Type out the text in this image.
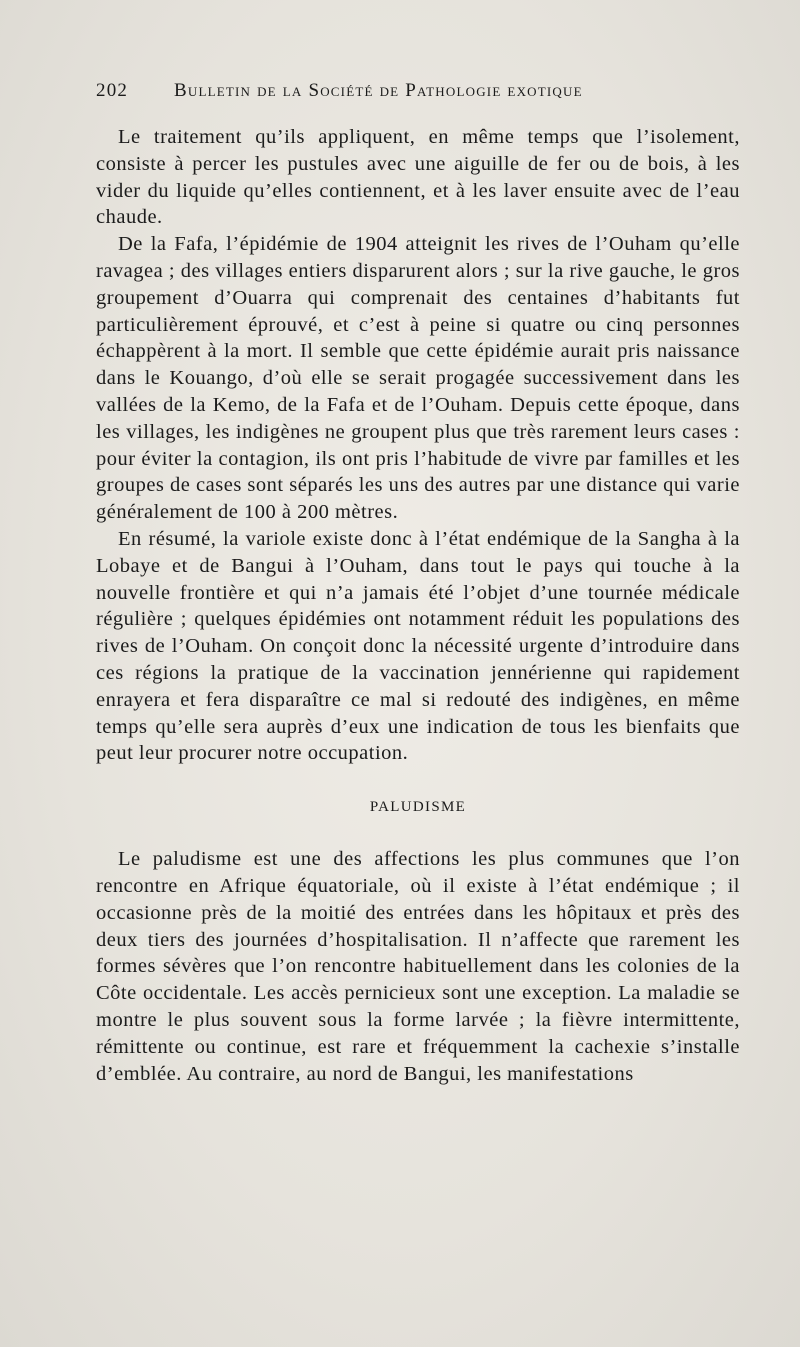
202 Bulletin de la Société de Pathologie exotique

Le traitement qu’ils appliquent, en même temps que l’isolement, consiste à percer les pustules avec une aiguille de fer ou de bois, à les vider du liquide qu’elles contiennent, et à les laver ensuite avec de l’eau chaude.

De la Fafa, l’épidémie de 1904 atteignit les rives de l’Ouham qu’elle ravagea ; des villages entiers disparurent alors ; sur la rive gauche, le gros groupement d’Ouarra qui comprenait des centaines d’habitants fut particulièrement éprouvé, et c’est à peine si quatre ou cinq personnes échappèrent à la mort. Il semble que cette épidémie aurait pris naissance dans le Kouango, d’où elle se serait progagée successivement dans les vallées de la Kemo, de la Fafa et de l’Ouham. Depuis cette époque, dans les villages, les indigènes ne groupent plus que très rarement leurs cases : pour éviter la contagion, ils ont pris l’habitude de vivre par familles et les groupes de cases sont séparés les uns des autres par une distance qui varie généralement de 100 à 200 mètres.

En résumé, la variole existe donc à l’état endémique de la Sangha à la Lobaye et de Bangui à l’Ouham, dans tout le pays qui touche à la nouvelle frontière et qui n’a jamais été l’objet d’une tournée médicale régulière ; quelques épidémies ont notamment réduit les populations des rives de l’Ouham. On conçoit donc la nécessité urgente d’introduire dans ces régions la pratique de la vaccination jennérienne qui rapidement enrayera et fera disparaître ce mal si redouté des indigènes, en même temps qu’elle sera auprès d’eux une indication de tous les bienfaits que peut leur procurer notre occupation.

PALUDISME

Le paludisme est une des affections les plus communes que l’on rencontre en Afrique équatoriale, où il existe à l’état endémique ; il occasionne près de la moitié des entrées dans les hôpitaux et près des deux tiers des journées d’hospitalisation. Il n’affecte que rarement les formes sévères que l’on rencontre habituellement dans les colonies de la Côte occidentale. Les accès pernicieux sont une exception. La maladie se montre le plus souvent sous la forme larvée ; la fièvre intermittente, rémittente ou continue, est rare et fréquemment la cachexie s’installe d’emblée. Au contraire, au nord de Bangui, les manifestations
